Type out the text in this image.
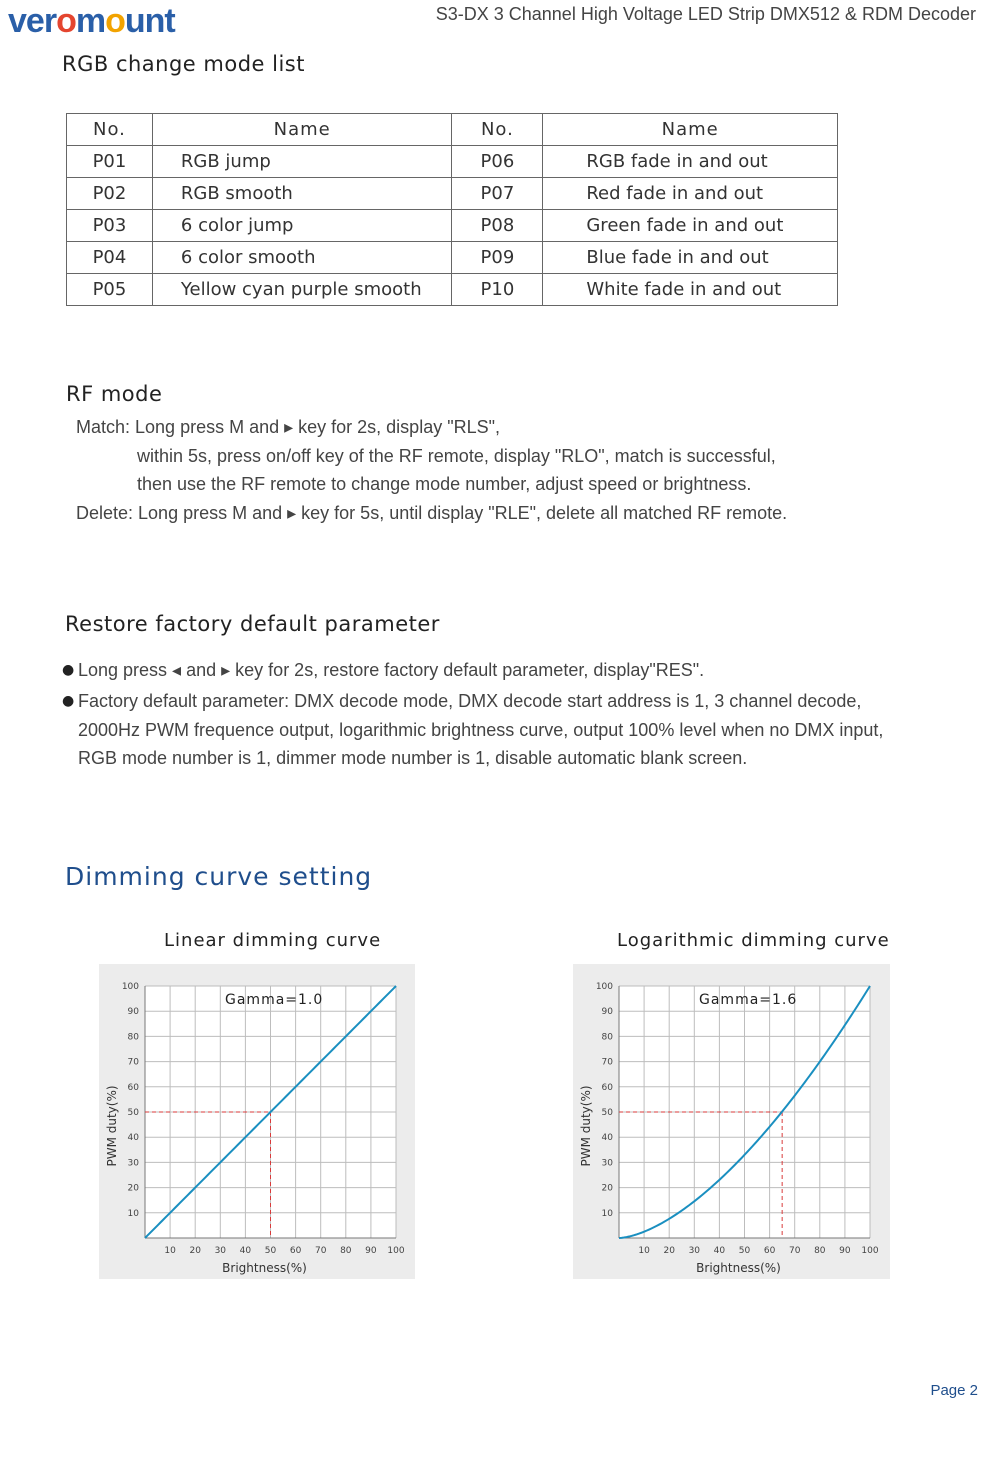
veromount	S3-DX 3 Channel High Voltage LED Strip DMX512 & RDM Decoder
RGB change mode list
No.	Name	No.	Name
P01	RGB jump	P06	RGB fade in and out
P02	RGB smooth	P07	Red fade in and out
P03	6 color jump	P08	Green fade in and out
P04	6 color smooth	P09	Blue fade in and out
P05	Yellow cyan purple smooth	P10	White fade in and out
RF mode
Match: Long press M and ▸ key for 2s, display "RLS",
within 5s, press on/off key of the RF remote, display "RLO", match is successful,
then use the RF remote to change mode number, adjust speed or brightness.
Delete: Long press M and ▸ key for 5s, until display "RLE", delete all matched RF remote.
Restore factory default parameter
● Long press ◂ and ▸ key for 2s, restore factory default parameter, display"RES".
● Factory default parameter: DMX decode mode, DMX decode start address is 1, 3 channel decode,
2000Hz PWM frequence output, logarithmic brightness curve, output 100% level when no DMX input,
RGB mode number is 1, dimmer mode number is 1, disable automatic blank screen.
Dimming curve setting
Linear dimming curve
10 20 30 40 50 60 70 80 90 100
10
20
30
40
50
60
70
80
90
100
Brightness(%)
PWM duty(%)
Gamma=1.0
Logarithmic dimming curve
10 20 30 40 50 60 70 80 90 100
10
20
30
40
50
60
70
80
90
100
Brightness(%)
PWM duty(%)
Gamma=1.6
Page 2
